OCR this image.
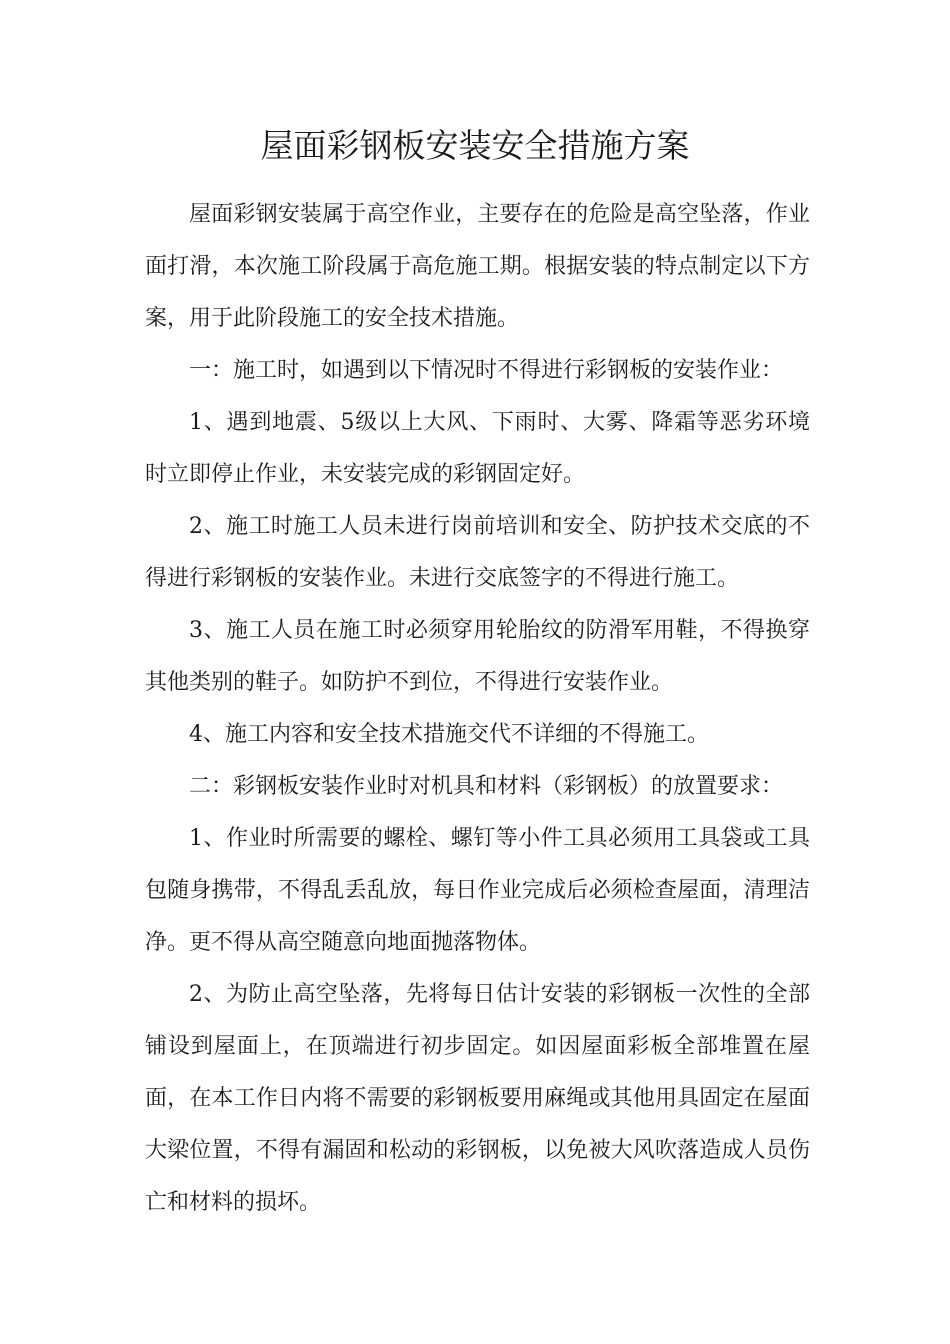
屋面彩钢板安装安全措施方案

屋面彩钢安装属于高空作业，主要存在的危险是高空坠落，作业面打滑，本次施工阶段属于高危施工期。根据安装的特点制定以下方案，用于此阶段施工的安全技术措施。

一：施工时，如遇到以下情况时不得进行彩钢板的安装作业：

1、遇到地震、5级以上大风、下雨时、大雾、降霜等恶劣环境时立即停止作业，未安装完成的彩钢固定好。

2、施工时施工人员未进行岗前培训和安全、防护技术交底的不得进行彩钢板的安装作业。未进行交底签字的不得进行施工。

3、施工人员在施工时必须穿用轮胎纹的防滑军用鞋，不得换穿其他类别的鞋子。如防护不到位，不得进行安装作业。

4、施工内容和安全技术措施交代不详细的不得施工。

二：彩钢板安装作业时对机具和材料（彩钢板）的放置要求：

1、作业时所需要的螺栓、螺钉等小件工具必须用工具袋或工具包随身携带，不得乱丢乱放，每日作业完成后必须检查屋面，清理洁净。更不得从高空随意向地面抛落物体。

2、为防止高空坠落，先将每日估计安装的彩钢板一次性的全部铺设到屋面上，在顶端进行初步固定。如因屋面彩板全部堆置在屋面，在本工作日内将不需要的彩钢板要用麻绳或其他用具固定在屋面大梁位置，不得有漏固和松动的彩钢板，以免被大风吹落造成人员伤亡和材料的损坏。
